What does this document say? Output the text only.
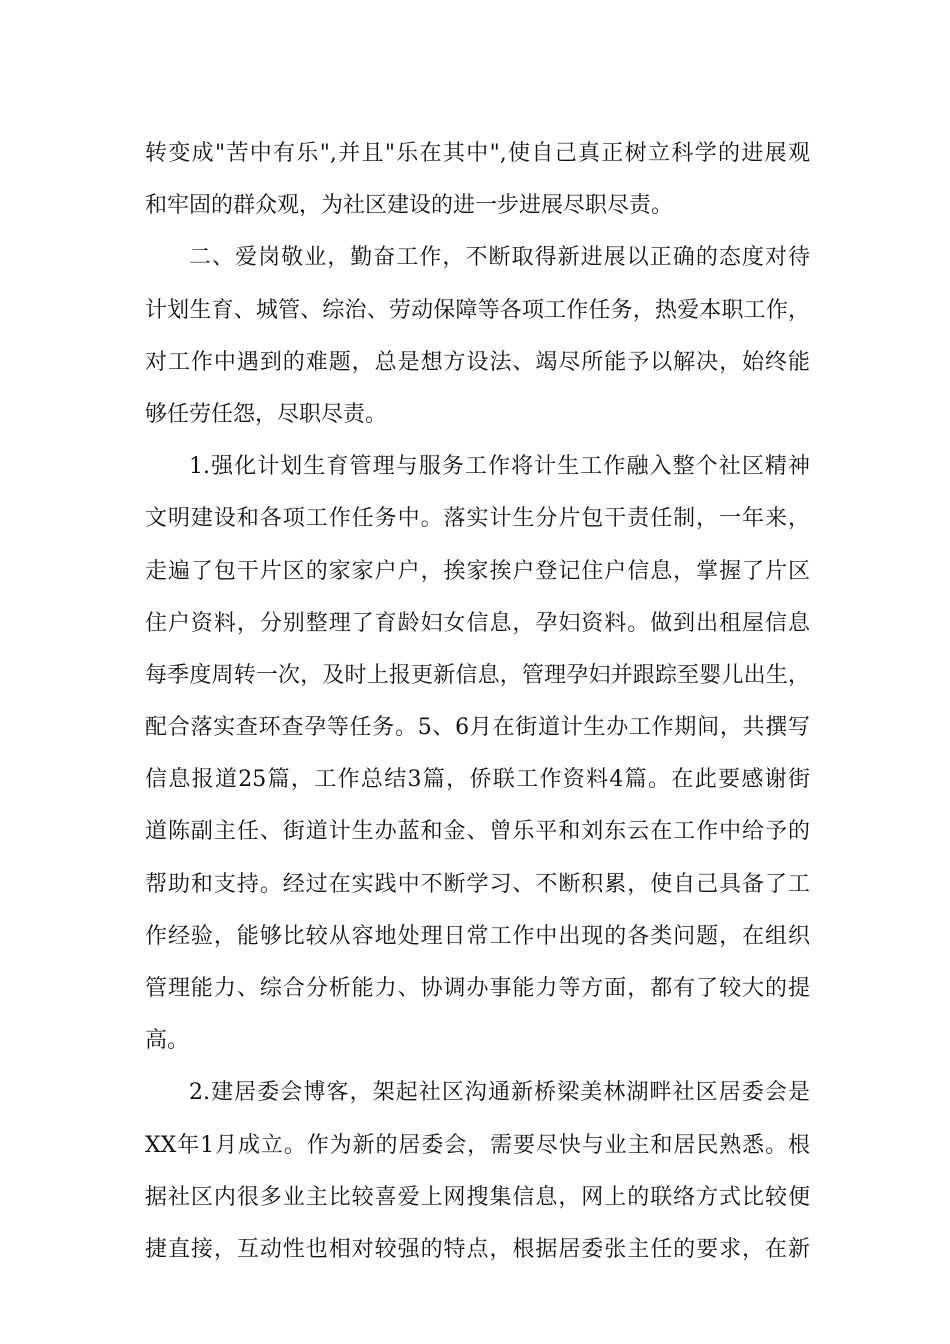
转变成"苦中有乐",并且"乐在其中",使自己真正树立科学的进展观
和牢固的群众观，为社区建设的进一步进展尽职尽责。
二、爱岗敬业，勤奋工作，不断取得新进展以正确的态度对待
计划生育、城管、综治、劳动保障等各项工作任务，热爱本职工作，
对工作中遇到的难题，总是想方设法、竭尽所能予以解决，始终能
够任劳任怨，尽职尽责。
1.强化计划生育管理与服务工作将计生工作融入整个社区精神
文明建设和各项工作任务中。落实计生分片包干责任制，一年来，
走遍了包干片区的家家户户，挨家挨户登记住户信息，掌握了片区
住户资料，分别整理了育龄妇女信息，孕妇资料。做到出租屋信息
每季度周转一次，及时上报更新信息，管理孕妇并跟踪至婴儿出生，
配合落实查环查孕等任务。5、6月在街道计生办工作期间，共撰写
信息报道25篇，工作总结3篇，侨联工作资料4篇。在此要感谢街
道陈副主任、街道计生办蓝和金、曾乐平和刘东云在工作中给予的
帮助和支持。经过在实践中不断学习、不断积累，使自己具备了工
作经验，能够比较从容地处理日常工作中出现的各类问题，在组织
管理能力、综合分析能力、协调办事能力等方面，都有了较大的提
高。
2.建居委会博客，架起社区沟通新桥梁美林湖畔社区居委会是
XX年1月成立。作为新的居委会，需要尽快与业主和居民熟悉。根
据社区内很多业主比较喜爱上网搜集信息，网上的联络方式比较便
捷直接，互动性也相对较强的特点，根据居委张主任的要求，在新
